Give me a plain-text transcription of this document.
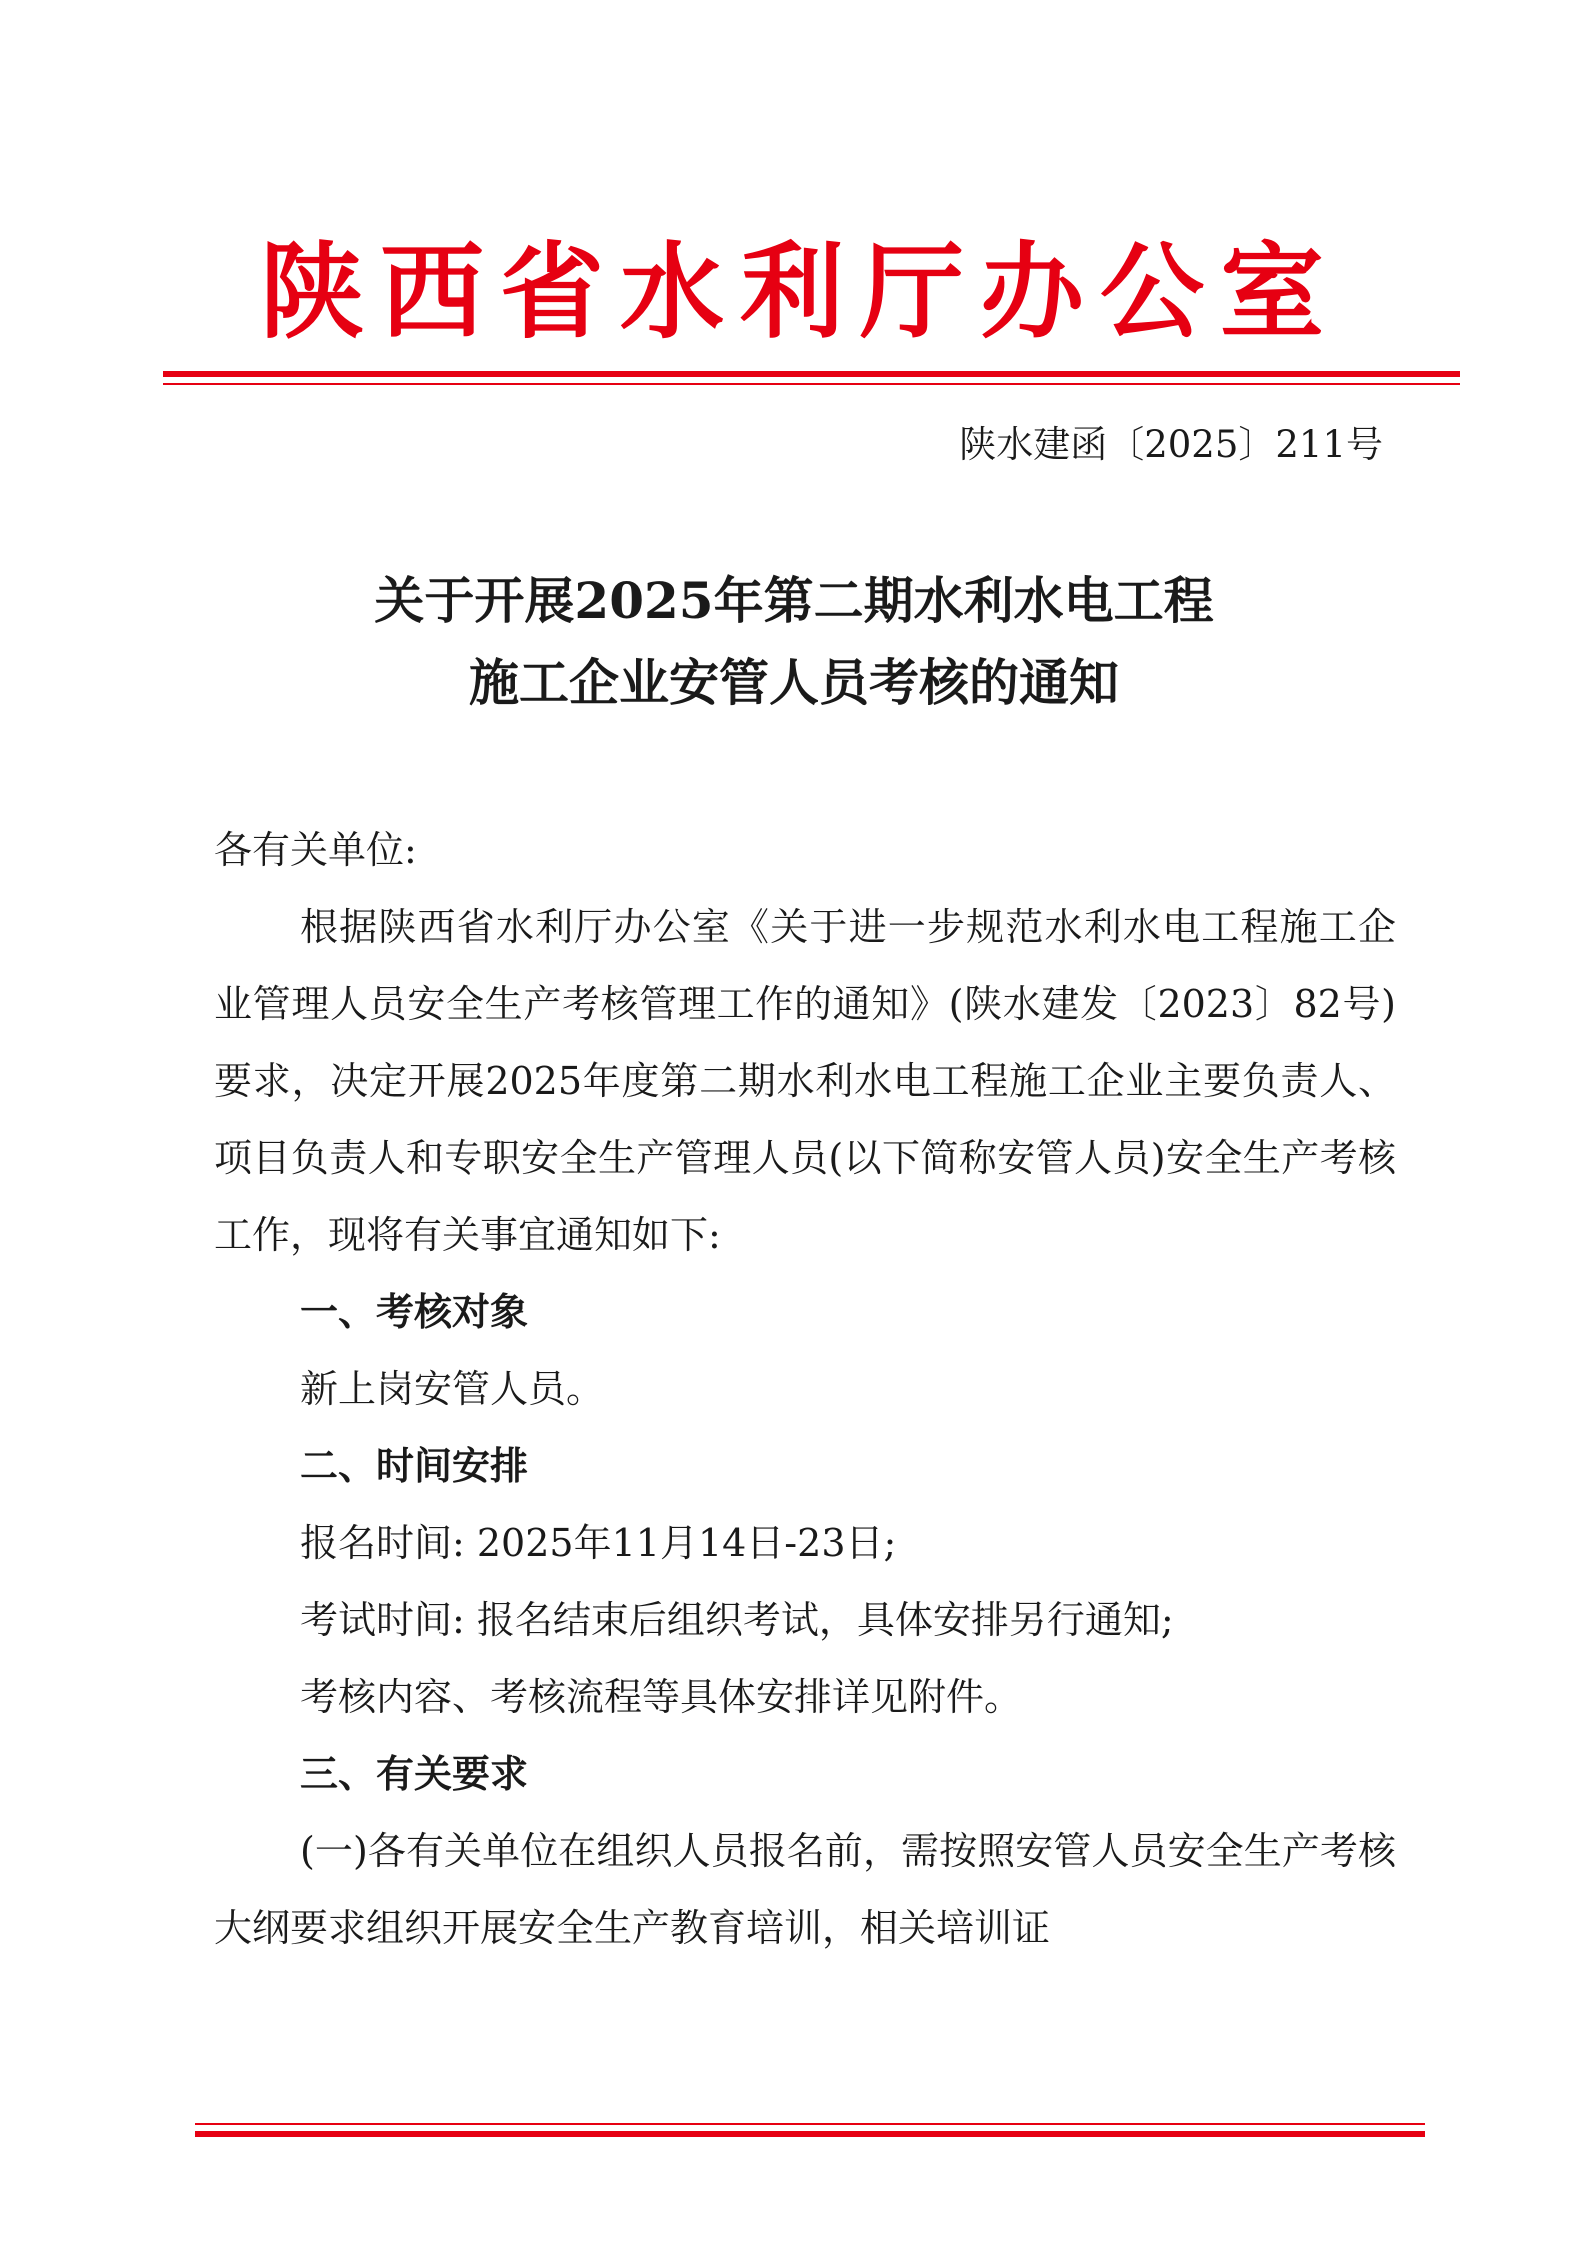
陕西省水利厅办公室
陕水建函〔2025〕211号
关于开展2025年第二期水利水电工程
施工企业安管人员考核的通知

各有关单位:

根据陕西省水利厅办公室《关于进一步规范水利水电工程施工企业管理人员安全生产考核管理工作的通知》(陕水建发〔2023〕82号)要求，决定开展2025年度第二期水利水电工程施工企业主要负责人、项目负责人和专职安全生产管理人员(以下简称安管人员)安全生产考核工作，现将有关事宜通知如下:

一、考核对象
新上岗安管人员。
二、时间安排
报名时间: 2025年11月14日-23日;
考试时间: 报名结束后组织考试，具体安排另行通知;
考核内容、考核流程等具体安排详见附件。
三、有关要求

(一)各有关单位在组织人员报名前，需按照安管人员安全生产考核大纲要求组织开展安全生产教育培训，相关培训证
